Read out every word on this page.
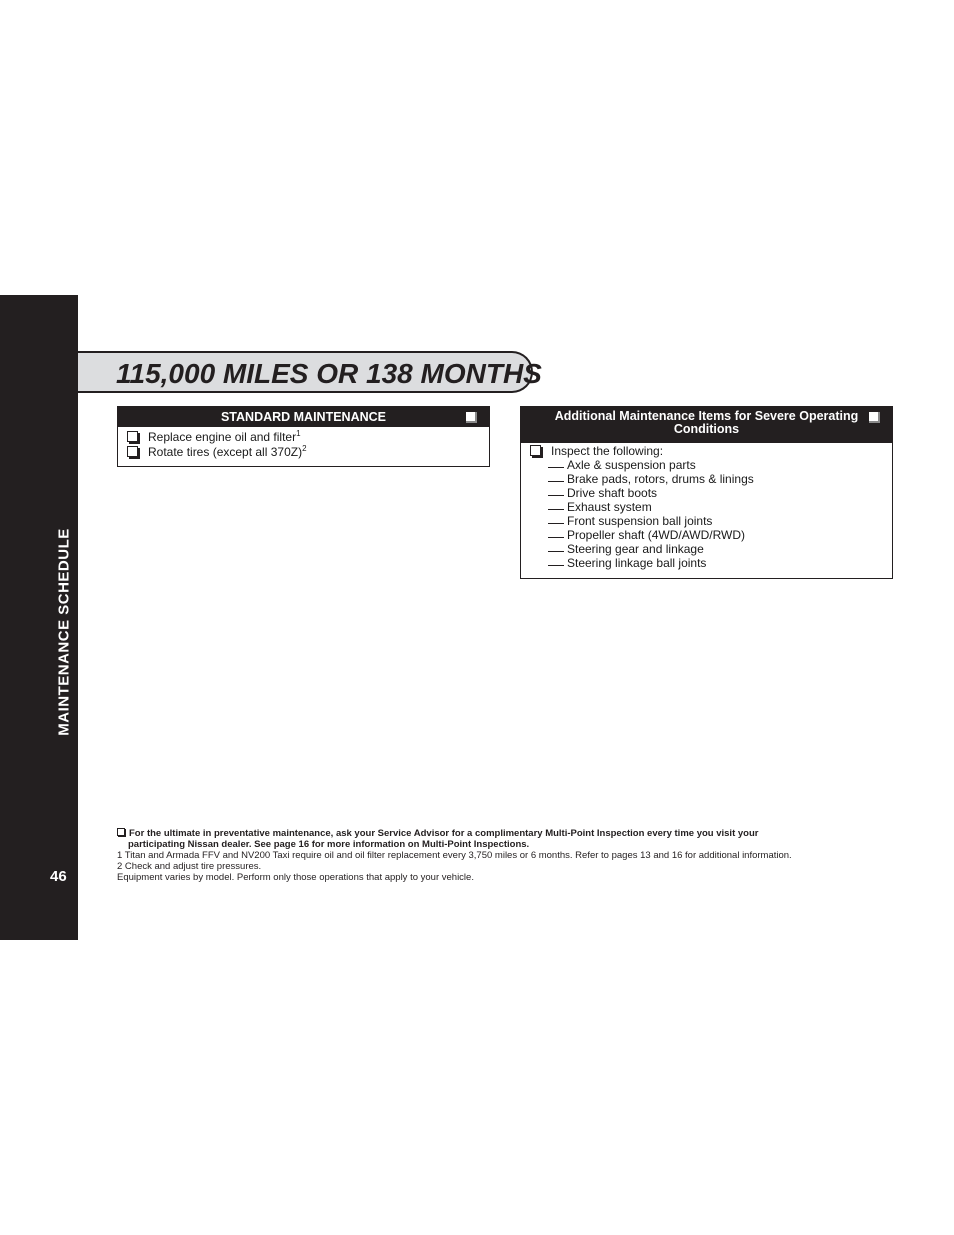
MAINTENANCE SCHEDULE
46
115,000 MILES OR 138 MONTHS
STANDARD MAINTENANCE
Replace engine oil and filter$^1$
Rotate tires (except all 370Z)$^2$
Additional Maintenance Items for Severe Operating
Conditions
Inspect the following:
Axle & suspension parts
Brake pads, rotors, drums & linings
Drive shaft boots
Exhaust system
Front suspension ball joints
Propeller shaft (4WD/AWD/RWD)
Steering gear and linkage
Steering linkage ball joints
For the ultimate in preventative maintenance, ask your Service Advisor for a complimentary Multi-Point Inspection every time you visit your
participating Nissan dealer. See page 16 for more information on Multi-Point Inspections.
1 Titan and Armada FFV and NV200 Taxi require oil and oil filter replacement every 3,750 miles or 6 months. Refer to pages 13 and 16 for additional information.
2 Check and adjust tire pressures.
Equipment varies by model. Perform only those operations that apply to your vehicle.
